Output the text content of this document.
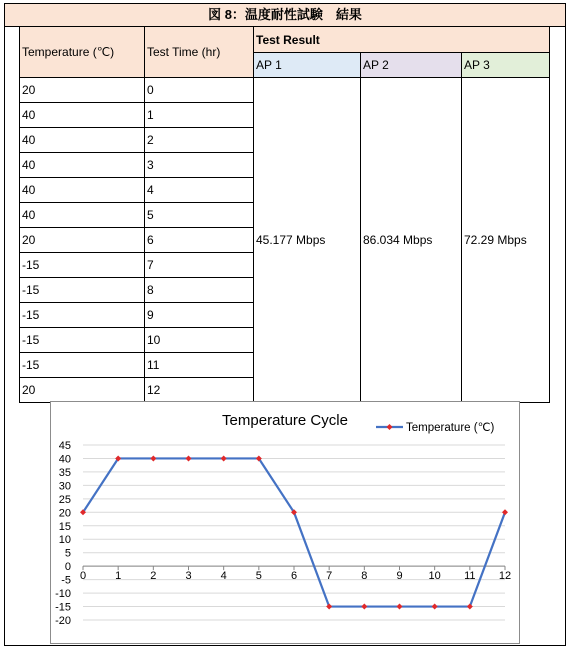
図 8：温度耐性試験　結果
Temperature (℃)	Test Time (hr)	Test Result		
		AP 1	AP 2	AP 3
20	0	45.177 Mbps	86.034 Mbps	72.29 Mbps
40	1			
40	2			
40	3			
40	4			
40	5			
20	6			
-15	7			
-15	8			
-15	9			
-15	10			
-15	11			
20	12			
45
40
35
30
25
20
15
10
5
0
-5
-10
-15
-20
0	1	2	3	4	5	6	7	8	9 10 11 12
Temperature Cycle	Temperature (℃)
